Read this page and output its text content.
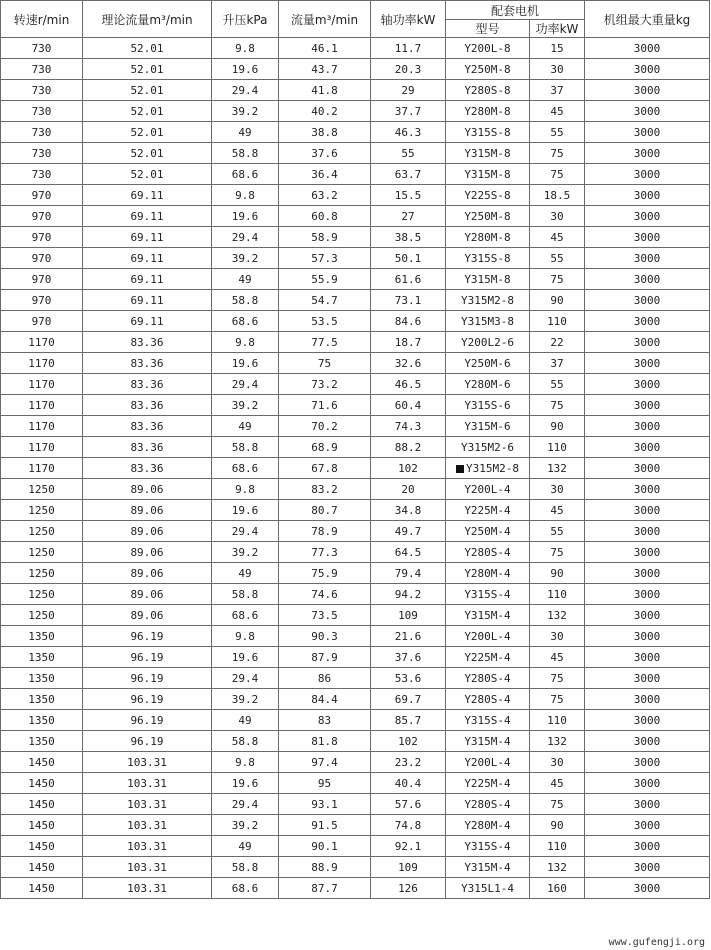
转速r/min	理论流量m³/min	升压kPa	流量m³/min	轴功率kW	配套电机		机组最大重量kg
					型号	功率kW	
730	52.01	9.8	46.1	11.7	Y200L-8	15	3000
730	52.01	19.6	43.7	20.3	Y250M-8	30	3000
730	52.01	29.4	41.8	29	Y280S-8	37	3000
730	52.01	39.2	40.2	37.7	Y280M-8	45	3000
730	52.01	49	38.8	46.3	Y315S-8	55	3000
730	52.01	58.8	37.6	55	Y315M-8	75	3000
730	52.01	68.6	36.4	63.7	Y315M-8	75	3000
970	69.11	9.8	63.2	15.5	Y225S-8	18.5	3000
970	69.11	19.6	60.8	27	Y250M-8	30	3000
970	69.11	29.4	58.9	38.5	Y280M-8	45	3000
970	69.11	39.2	57.3	50.1	Y315S-8	55	3000
970	69.11	49	55.9	61.6	Y315M-8	75	3000
970	69.11	58.8	54.7	73.1	Y315M2-8	90	3000
970	69.11	68.6	53.5	84.6	Y315M3-8	110	3000
1170	83.36	9.8	77.5	18.7	Y200L2-6	22	3000
1170	83.36	19.6	75	32.6	Y250M-6	37	3000
1170	83.36	29.4	73.2	46.5	Y280M-6	55	3000
1170	83.36	39.2	71.6	60.4	Y315S-6	75	3000
1170	83.36	49	70.2	74.3	Y315M-6	90	3000
1170	83.36	58.8	68.9	88.2	Y315M2-6	110	3000
1170	83.36	68.6	67.8	102	Y315M2-8	132	3000
1250	89.06	9.8	83.2	20	Y200L-4	30	3000
1250	89.06	19.6	80.7	34.8	Y225M-4	45	3000
1250	89.06	29.4	78.9	49.7	Y250M-4	55	3000
1250	89.06	39.2	77.3	64.5	Y280S-4	75	3000
1250	89.06	49	75.9	79.4	Y280M-4	90	3000
1250	89.06	58.8	74.6	94.2	Y315S-4	110	3000
1250	89.06	68.6	73.5	109	Y315M-4	132	3000
1350	96.19	9.8	90.3	21.6	Y200L-4	30	3000
1350	96.19	19.6	87.9	37.6	Y225M-4	45	3000
1350	96.19	29.4	86	53.6	Y280S-4	75	3000
1350	96.19	39.2	84.4	69.7	Y280S-4	75	3000
1350	96.19	49	83	85.7	Y315S-4	110	3000
1350	96.19	58.8	81.8	102	Y315M-4	132	3000
1450	103.31	9.8	97.4	23.2	Y200L-4	30	3000
1450	103.31	19.6	95	40.4	Y225M-4	45	3000
1450	103.31	29.4	93.1	57.6	Y280S-4	75	3000
1450	103.31	39.2	91.5	74.8	Y280M-4	90	3000
1450	103.31	49	90.1	92.1	Y315S-4	110	3000
1450	103.31	58.8	88.9	109	Y315M-4	132	3000
1450	103.31	68.6	87.7	126	Y315L1-4	160	3000
www.gufengji.org
